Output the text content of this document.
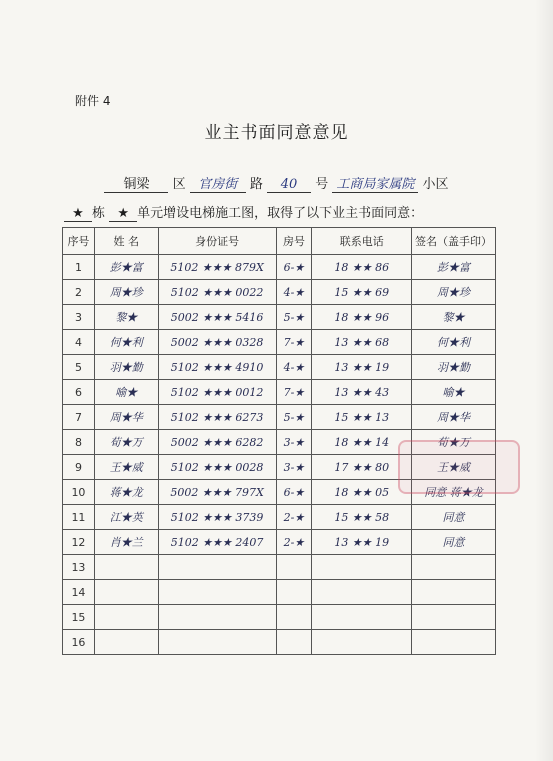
附件 4
业主书面同意意见
铜梁 区 官房街 路 40 号 工商局家属院 小区
★ 栋 ★ 单元增设电梯施工图，取得了以下业主书面同意：
序号	姓 名	身份证号	房号	联系电话	签名（盖手印）
1	彭★富	5102 ★★★ 879X	6-★	18 ★★ 86	彭★富
2	周★珍	5102 ★★★ 0022	4-★	15 ★★ 69	周★珍
3	黎★	5002 ★★★ 5416	5-★	18 ★★ 96	黎★
4	何★利	5002 ★★★ 0328	7-★	13 ★★ 68	何★利
5	羽★勤	5102 ★★★ 4910	4-★	13 ★★ 19	羽★勤
6	喻★	5102 ★★★ 0012	7-★	13 ★★ 43	喻★
7	周★华	5102 ★★★ 6273	5-★	15 ★★ 13	周★华
8	荀★万	5002 ★★★ 6282	3-★	18 ★★ 14	荀★万
9	王★威	5102 ★★★ 0028	3-★	17 ★★ 80	王★威
10	蒋★龙	5002 ★★★ 797X	6-★	18 ★★ 05	同意 蒋★龙
11	江★英	5102 ★★★ 3739	2-★	15 ★★ 58	同意
12	肖★兰	5102 ★★★ 2407	2-★	13 ★★ 19	同意
13					
14					
15					
16					
